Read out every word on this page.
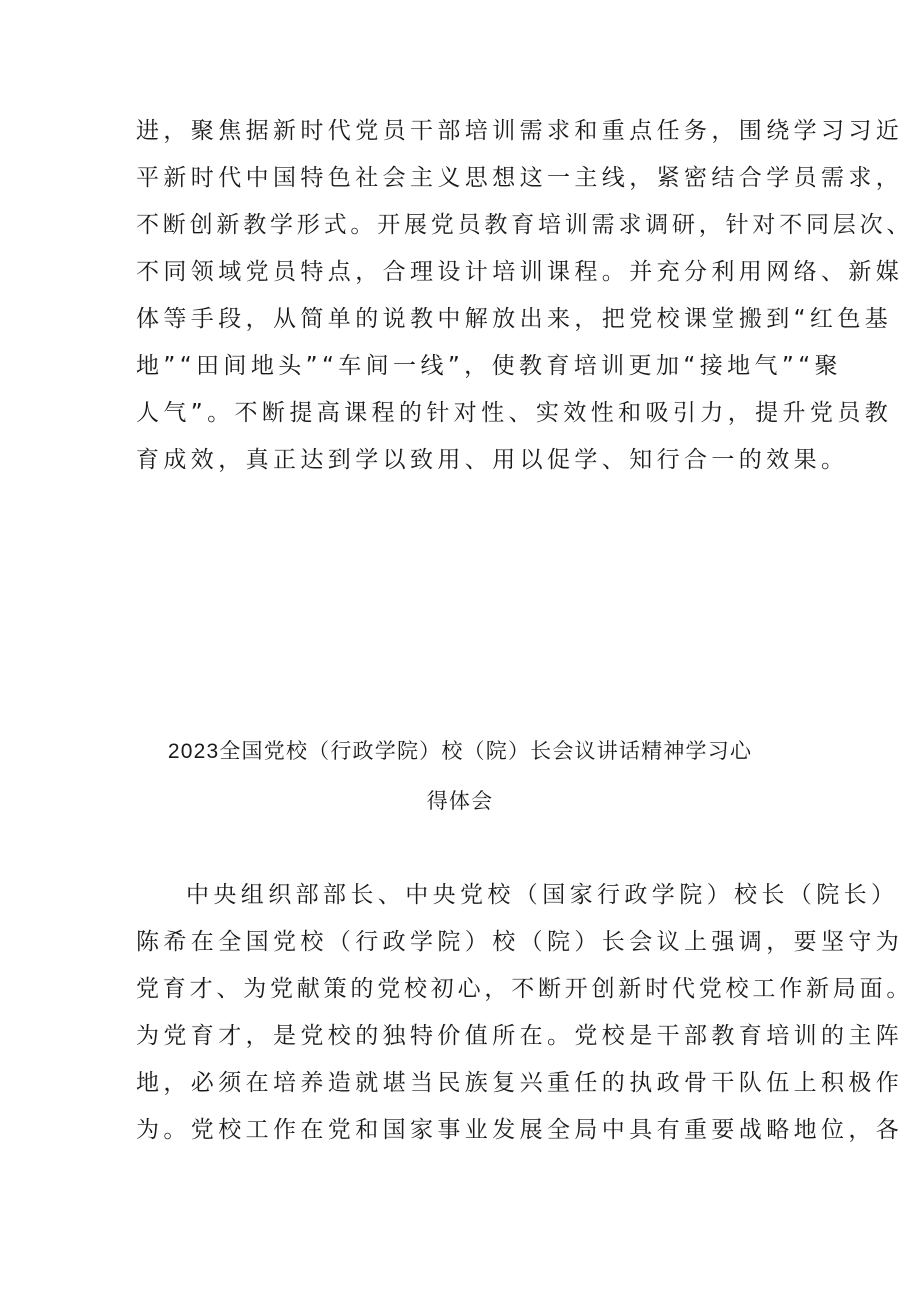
进，聚焦据新时代党员干部培训需求和重点任务，围绕学习习近
平新时代中国特色社会主义思想这一主线，紧密结合学员需求，
不断创新教学形式。开展党员教育培训需求调研，针对不同层次、
不同领域党员特点，合理设计培训课程。并充分利用网络、新媒
体等手段，从简单的说教中解放出来，把党校课堂搬到“红色基
地”“田间地头”“车间一线”，使教育培训更加“接地气”“聚
人气”。不断提高课程的针对性、实效性和吸引力，提升党员教
育成效，真正达到学以致用、用以促学、知行合一的效果。
2023全国党校（行政学院）校（院）长会议讲话精神学习心
得体会
中央组织部部长、中央党校（国家行政学院）校长（院长）
陈希在全国党校（行政学院）校（院）长会议上强调，要坚守为
党育才、为党献策的党校初心，不断开创新时代党校工作新局面。
为党育才，是党校的独特价值所在。党校是干部教育培训的主阵
地，必须在培养造就堪当民族复兴重任的执政骨干队伍上积极作
为。党校工作在党和国家事业发展全局中具有重要战略地位，各
